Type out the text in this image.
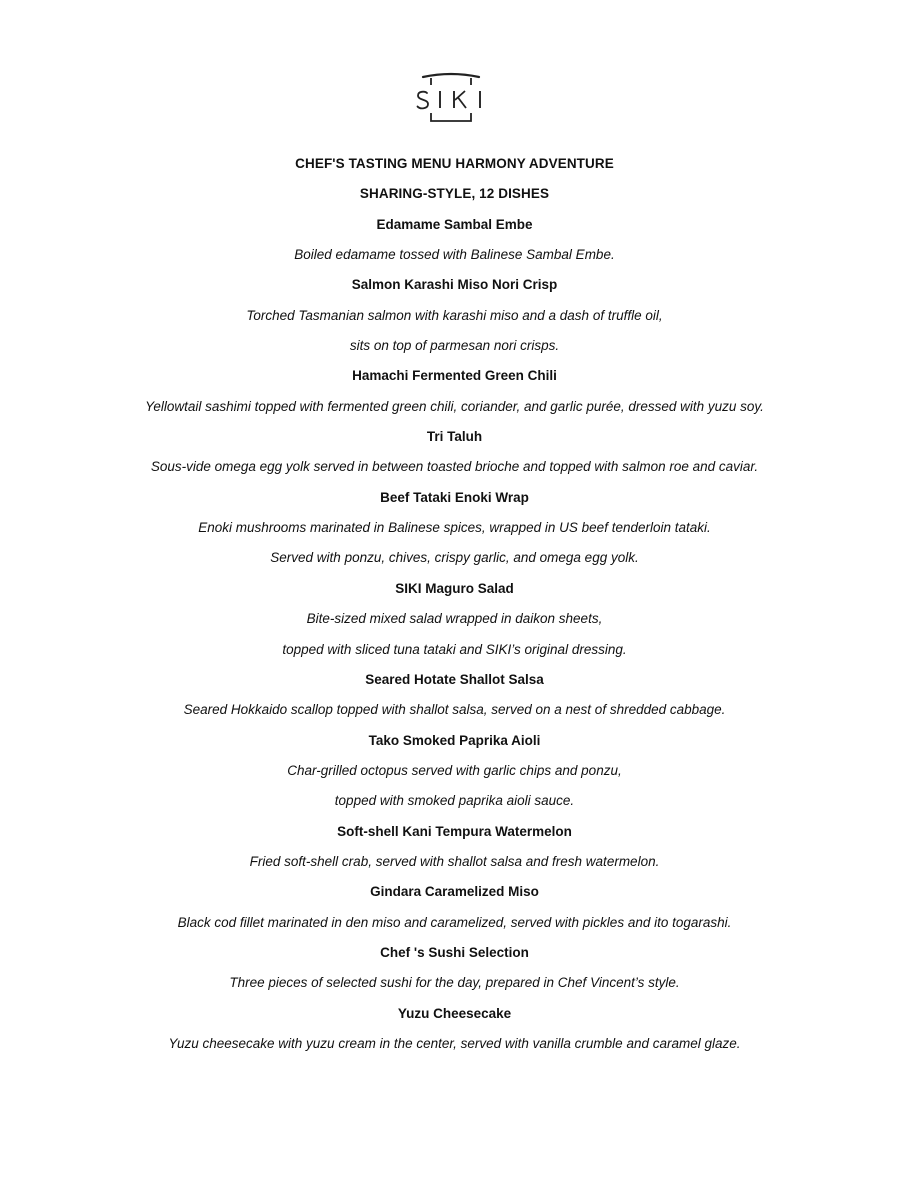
CHEF'S TASTING MENU HARMONY ADVENTURE
SHARING-STYLE, 12 DISHES
Edamame Sambal Embe
Boiled edamame tossed with Balinese Sambal Embe.
Salmon Karashi Miso Nori Crisp
Torched Tasmanian salmon with karashi miso and a dash of truffle oil,
sits on top of parmesan nori crisps.
Hamachi Fermented Green Chili
Yellowtail sashimi topped with fermented green chili, coriander, and garlic purée, dressed with yuzu soy.
Tri Taluh
Sous-vide omega egg yolk served in between toasted brioche and topped with salmon roe and caviar.
Beef Tataki Enoki Wrap
Enoki mushrooms marinated in Balinese spices, wrapped in US beef tenderloin tataki.
Served with ponzu, chives, crispy garlic, and omega egg yolk.
SIKI Maguro Salad
Bite-sized mixed salad wrapped in daikon sheets,
topped with sliced tuna tataki and SIKI’s original dressing.
Seared Hotate Shallot Salsa
Seared Hokkaido scallop topped with shallot salsa, served on a nest of shredded cabbage.
Tako Smoked Paprika Aioli
Char-grilled octopus served with garlic chips and ponzu,
topped with smoked paprika aioli sauce.
Soft-shell Kani Tempura Watermelon
Fried soft-shell crab, served with shallot salsa and fresh watermelon.
Gindara Caramelized Miso
Black cod fillet marinated in den miso and caramelized, served with pickles and ito togarashi.
Chef 's Sushi Selection
Three pieces of selected sushi for the day, prepared in Chef Vincent’s style.
Yuzu Cheesecake
Yuzu cheesecake with yuzu cream in the center, served with vanilla crumble and caramel glaze.
